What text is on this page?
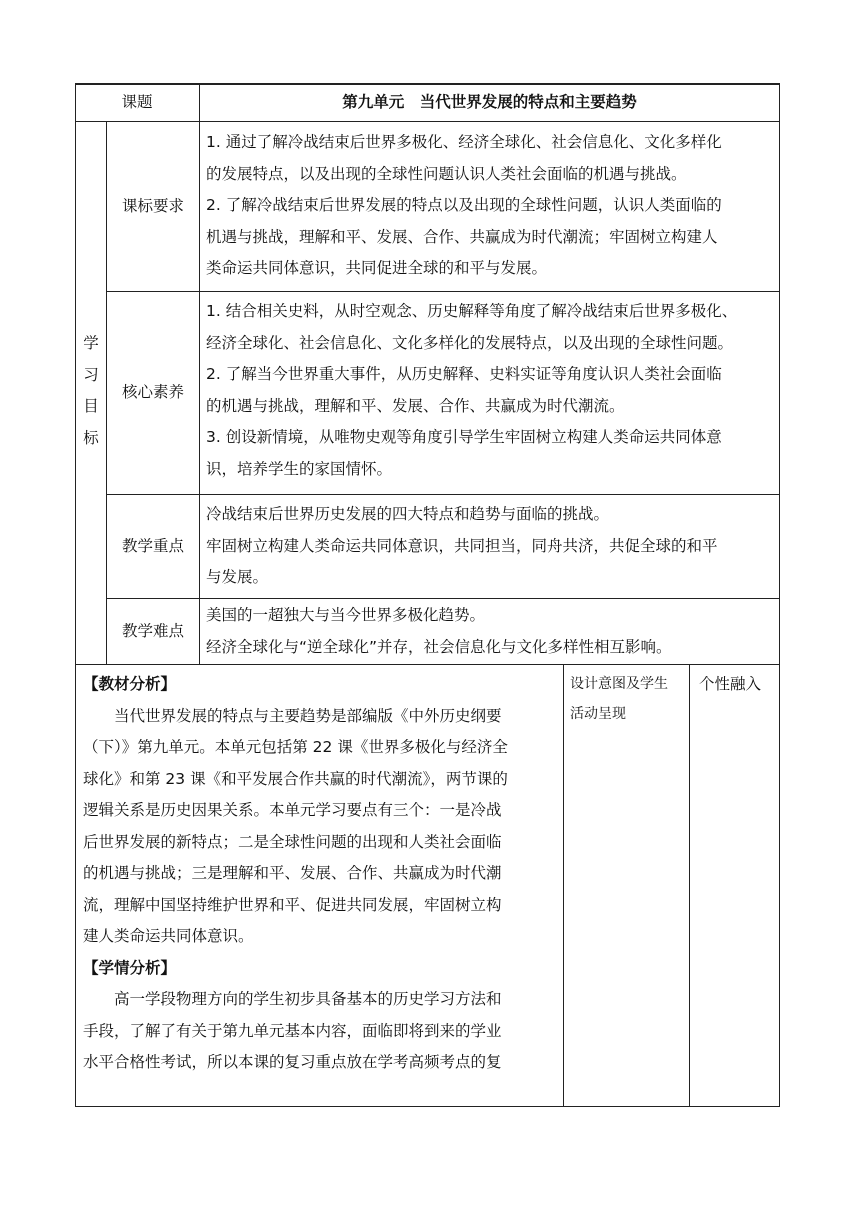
课题	第九单元　当代世界发展的特点和主要趋势
学
习
目
标
课标要求
1. 通过了解冷战结束后世界多极化、经济全球化、社会信息化、文化多样化
的发展特点，以及出现的全球性问题认识人类社会面临的机遇与挑战。
2. 了解冷战结束后世界发展的特点以及出现的全球性问题，认识人类面临的
机遇与挑战，理解和平、发展、合作、共赢成为时代潮流；牢固树立构建人
类命运共同体意识，共同促进全球的和平与发展。
核心素养
1. 结合相关史料，从时空观念、历史解释等角度了解冷战结束后世界多极化、
经济全球化、社会信息化、文化多样化的发展特点，以及出现的全球性问题。
2. 了解当今世界重大事件，从历史解释、史料实证等角度认识人类社会面临
的机遇与挑战，理解和平、发展、合作、共赢成为时代潮流。
3. 创设新情境，从唯物史观等角度引导学生牢固树立构建人类命运共同体意
识，培养学生的家国情怀。
教学重点
冷战结束后世界历史发展的四大特点和趋势与面临的挑战。
牢固树立构建人类命运共同体意识，共同担当，同舟共济，共促全球的和平
与发展。
教学难点
美国的一超独大与当今世界多极化趋势。
经济全球化与“逆全球化”并存，社会信息化与文化多样性相互影响。
【教材分析】
当代世界发展的特点与主要趋势是部编版《中外历史纲要
（下）》第九单元。本单元包括第 22 课《世界多极化与经济全
球化》和第 23 课《和平发展合作共赢的时代潮流》，两节课的
逻辑关系是历史因果关系。本单元学习要点有三个：一是冷战
后世界发展的新特点；二是全球性问题的出现和人类社会面临
的机遇与挑战；三是理解和平、发展、合作、共赢成为时代潮
流，理解中国坚持维护世界和平、促进共同发展，牢固树立构
建人类命运共同体意识。
【学情分析】
高一学段物理方向的学生初步具备基本的历史学习方法和
手段，了解了有关于第九单元基本内容，面临即将到来的学业
水平合格性考试，所以本课的复习重点放在学考高频考点的复
设计意图及学生
活动呈现
个性融入
